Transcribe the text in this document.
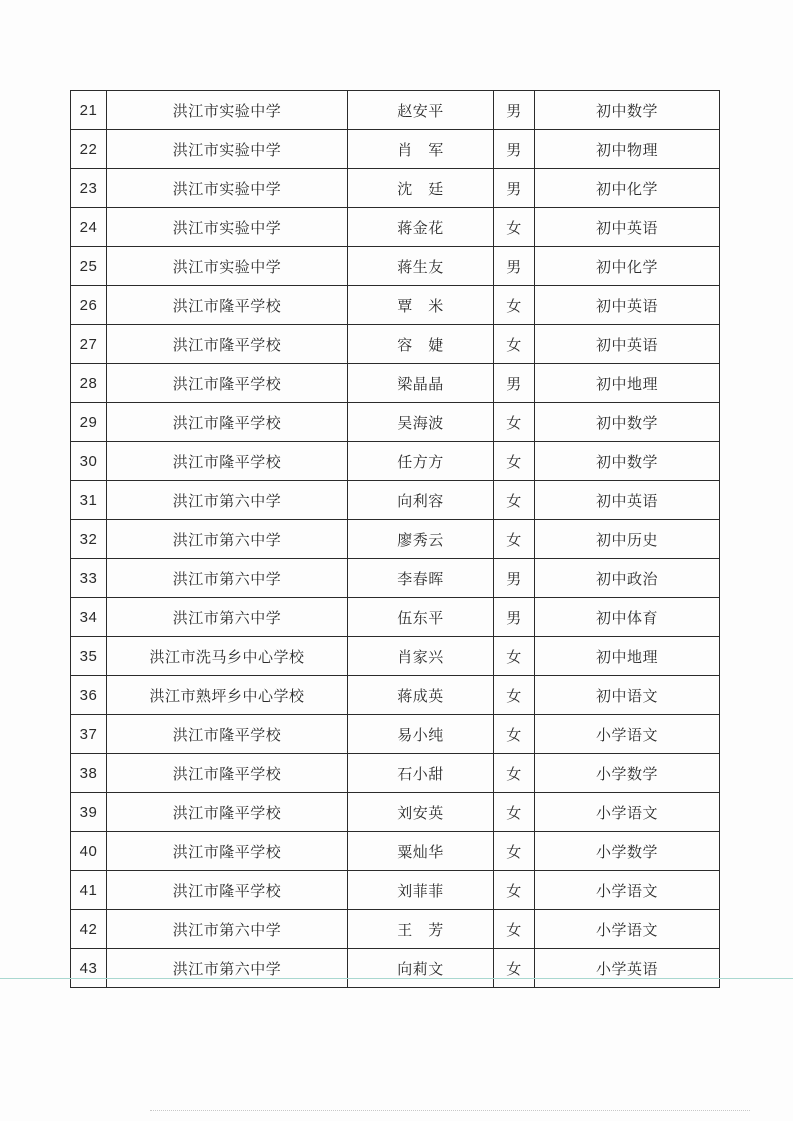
21	洪江市实验中学	赵安平	男	初中数学
22	洪江市实验中学	肖　军	男	初中物理
23	洪江市实验中学	沈　廷	男	初中化学
24	洪江市实验中学	蒋金花	女	初中英语
25	洪江市实验中学	蒋生友	男	初中化学
26	洪江市隆平学校	覃　米	女	初中英语
27	洪江市隆平学校	容　婕	女	初中英语
28	洪江市隆平学校	梁晶晶	男	初中地理
29	洪江市隆平学校	吴海波	女	初中数学
30	洪江市隆平学校	任方方	女	初中数学
31	洪江市第六中学	向利容	女	初中英语
32	洪江市第六中学	廖秀云	女	初中历史
33	洪江市第六中学	李春晖	男	初中政治
34	洪江市第六中学	伍东平	男	初中体育
35	洪江市洗马乡中心学校	肖家兴	女	初中地理
36	洪江市熟坪乡中心学校	蒋成英	女	初中语文
37	洪江市隆平学校	易小纯	女	小学语文
38	洪江市隆平学校	石小甜	女	小学数学
39	洪江市隆平学校	刘安英	女	小学语文
40	洪江市隆平学校	粟灿华	女	小学数学
41	洪江市隆平学校	刘菲菲	女	小学语文
42	洪江市第六中学	王　芳	女	小学语文
43	洪江市第六中学	向莉文	女	小学英语
